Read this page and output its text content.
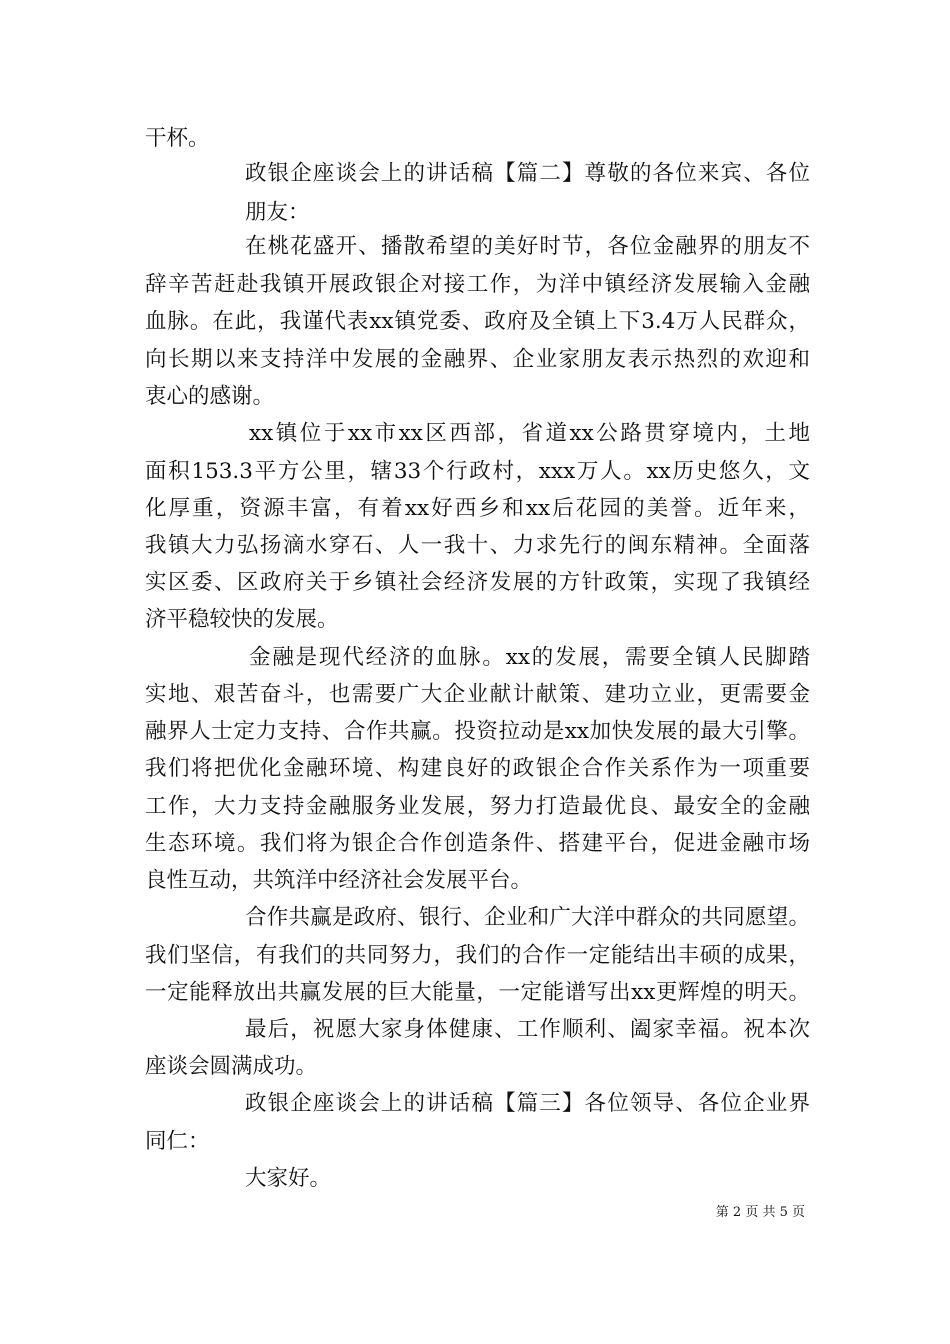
干杯。
政银企座谈会上的讲话稿【篇二】尊敬的各位来宾、各位
朋友：
在桃花盛开、播散希望的美好时节，各位金融界的朋友不
辞辛苦赶赴我镇开展政银企对接工作，为洋中镇经济发展输入金融
血脉。在此，我谨代表xx镇党委、政府及全镇上下3.4万人民群众，
向长期以来支持洋中发展的金融界、企业家朋友表示热烈的欢迎和
衷心的感谢。
xx镇位于xx市xx区西部，省道xx公路贯穿境内，土地
面积153.3平方公里，辖33个行政村，xxx万人。xx历史悠久，文
化厚重，资源丰富，有着xx好西乡和xx后花园的美誉。近年来，
我镇大力弘扬滴水穿石、人一我十、力求先行的闽东精神。全面落
实区委、区政府关于乡镇社会经济发展的方针政策，实现了我镇经
济平稳较快的发展。
金融是现代经济的血脉。xx的发展，需要全镇人民脚踏
实地、艰苦奋斗，也需要广大企业献计献策、建功立业，更需要金
融界人士定力支持、合作共赢。投资拉动是xx加快发展的最大引擎。
我们将把优化金融环境、构建良好的政银企合作关系作为一项重要
工作，大力支持金融服务业发展，努力打造最优良、最安全的金融
生态环境。我们将为银企合作创造条件、搭建平台，促进金融市场
良性互动，共筑洋中经济社会发展平台。
合作共赢是政府、银行、企业和广大洋中群众的共同愿望。
我们坚信，有我们的共同努力，我们的合作一定能结出丰硕的成果，
一定能释放出共赢发展的巨大能量，一定能谱写出xx更辉煌的明天。
最后，祝愿大家身体健康、工作顺利、阖家幸福。祝本次
座谈会圆满成功。
政银企座谈会上的讲话稿【篇三】各位领导、各位企业界
同仁：
大家好。
第 2 页 共 5 页
